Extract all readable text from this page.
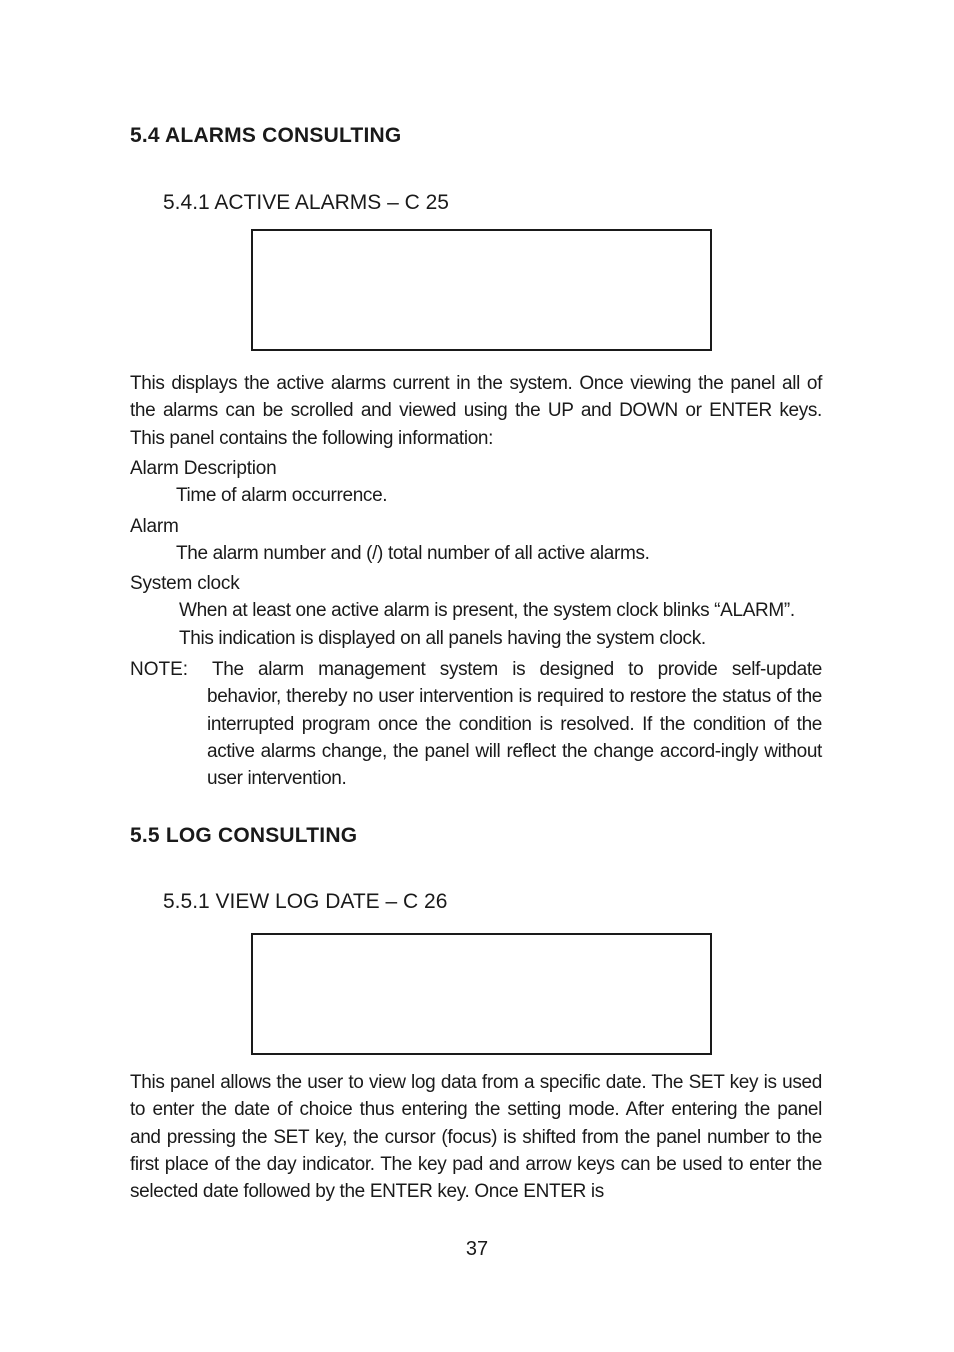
5.4 ALARMS CONSULTING
5.4.1 ACTIVE ALARMS – C 25

This displays the active alarms current in the system. Once viewing the panel all of the alarms can be scrolled and viewed using the UP and DOWN or ENTER keys. This panel contains the following information:

Alarm Description

Time of alarm occurrence.

Alarm

The alarm number and (/) total number of all active alarms.

System clock

When at least one active alarm is present, the system clock blinks “ALARM”.

This indication is displayed on all panels having the system clock.

NOTE: The alarm management system is designed to provide self-update behavior, thereby no user intervention is required to restore the status of the interrupted program once the condition is resolved. If the condition of the active alarms change, the panel will reflect the change accord-ingly without user intervention.

5.5 LOG CONSULTING
5.5.1 VIEW LOG DATE – C 26

This panel allows the user to view log data from a specific date. The SET key is used to enter the date of choice thus entering the setting mode. After entering the panel and pressing the SET key, the cursor (focus) is shifted from the panel number to the first place of the day indicator. The key pad and arrow keys can be used to enter the selected date followed by the ENTER key. Once ENTER is

37
